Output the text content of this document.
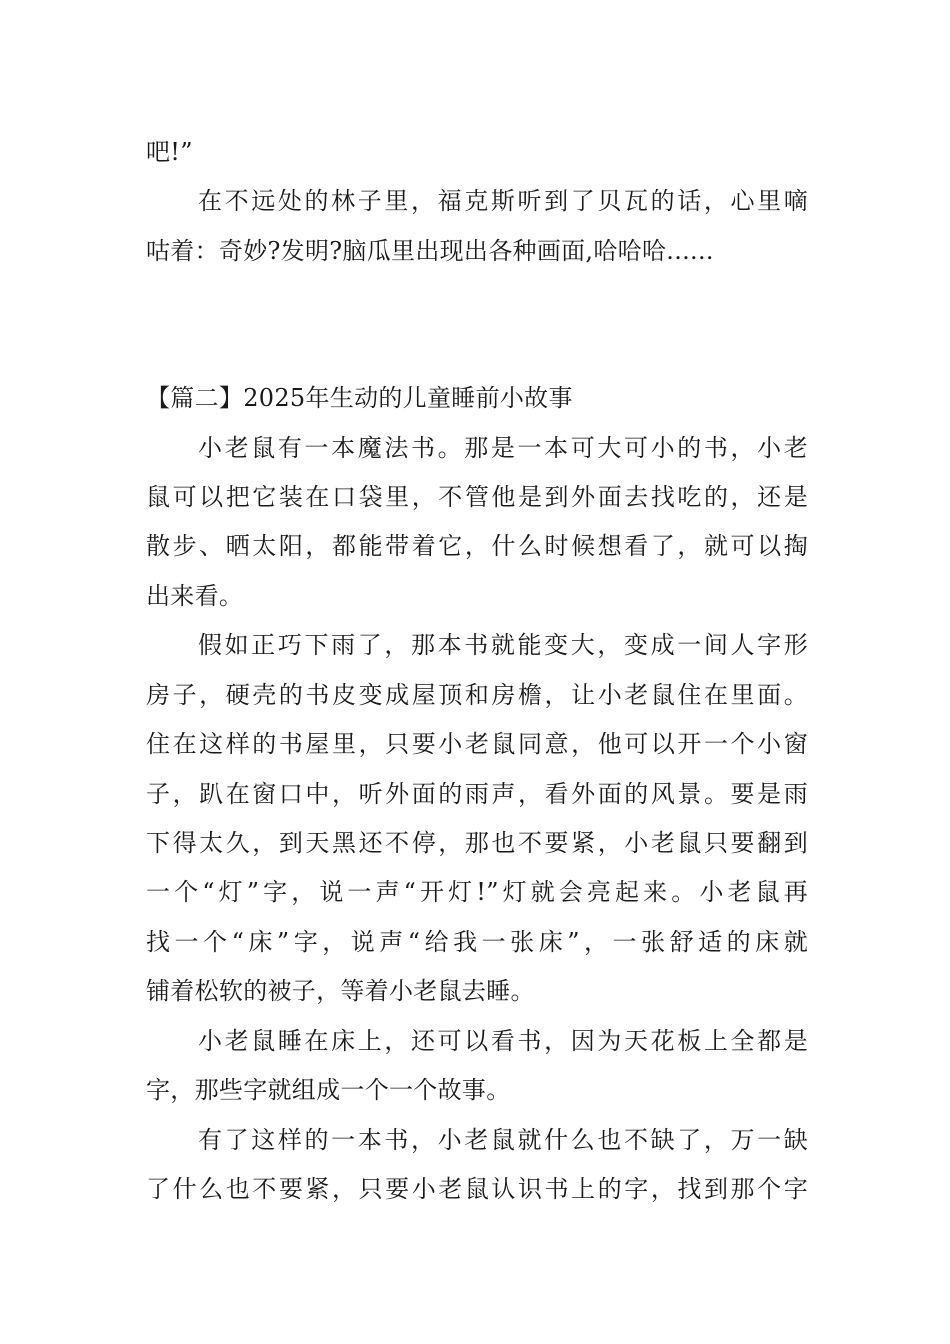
吧!”
在不远处的林子里，福克斯听到了贝瓦的话，心里嘀
咕着：奇妙?发明?脑瓜里出现出各种画面,哈哈哈......
【篇二】2025年生动的儿童睡前小故事
小老鼠有一本魔法书。那是一本可大可小的书，小老
鼠可以把它装在口袋里，不管他是到外面去找吃的，还是
散步、晒太阳，都能带着它，什么时候想看了，就可以掏
出来看。
假如正巧下雨了，那本书就能变大，变成一间人字形
房子，硬壳的书皮变成屋顶和房檐，让小老鼠住在里面。
住在这样的书屋里，只要小老鼠同意，他可以开一个小窗
子，趴在窗口中，听外面的雨声，看外面的风景。要是雨
下得太久，到天黑还不停，那也不要紧，小老鼠只要翻到
一个“灯”字，说一声“开灯!”灯就会亮起来。小老鼠再
找一个“床”字，说声“给我一张床”，一张舒适的床就
铺着松软的被子，等着小老鼠去睡。
小老鼠睡在床上，还可以看书，因为天花板上全都是
字，那些字就组成一个一个故事。
有了这样的一本书，小老鼠就什么也不缺了，万一缺
了什么也不要紧，只要小老鼠认识书上的字，找到那个字
